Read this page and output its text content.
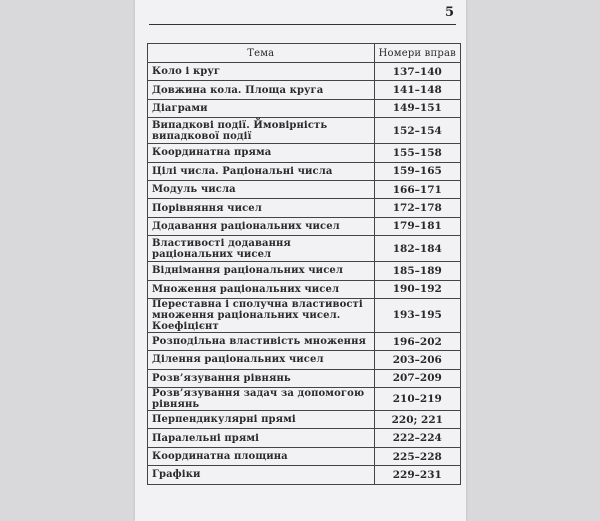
5
Тема	Номери вправ
Коло і круг	137–140
Довжина кола. Площа круга	141–148
Діаграми	149–151
Випадкові події. Ймовірність випадкової події	152–154
Координатна пряма	155–158
Цілі числа. Раціональні числа	159–165
Модуль числа	166–171
Порівняння чисел	172–178
Додавання раціональних чисел	179–181
Властивості додавання раціональних чисел	182–184
Віднімання раціональних чисел	185–189
Множення раціональних чисел	190–192
Переставна і сполучна властивості множення раціональних чисел. Коефіцієнт	193–195
Розподільна властивість множення	196–202
Ділення раціональних чисел	203–206
Розв’язування рівнянь	207–209
Розв’язування задач за допомогою рівнянь	210–219
Перпендикулярні прямі	220; 221
Паралельні прямі	222–224
Координатна площина	225–228
Графіки	229–231
